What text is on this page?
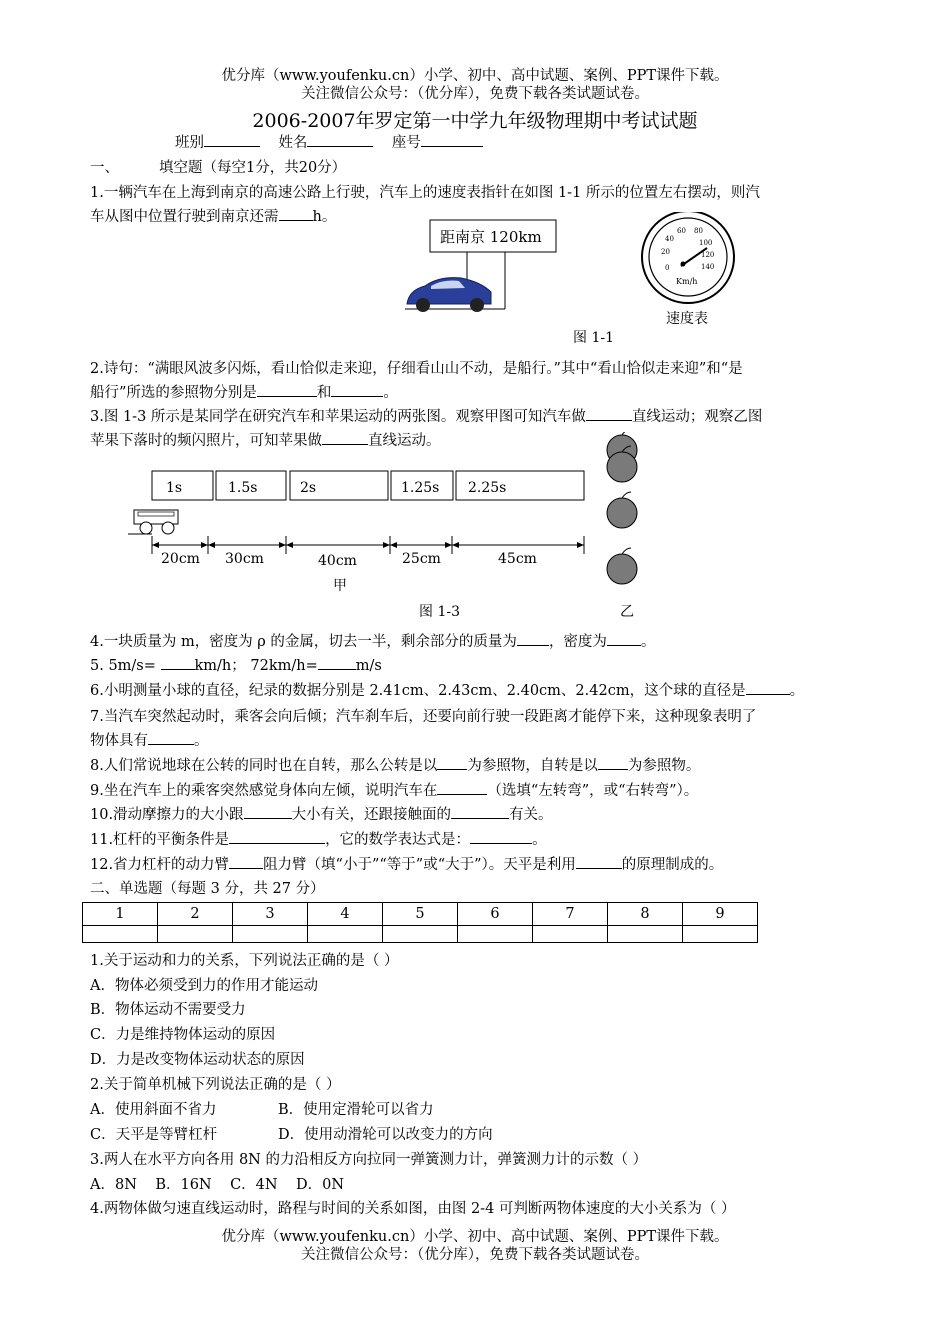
优分库（www.youfenku.cn）小学、初中、高中试题、案例、PPT课件下载。
关注微信公众号：（优分库），免费下载各类试题试卷。
2006-2007年罗定第一中学九年级物理期中考试试题
班别	姓名	座号
一、	填空题（每空1分，共20分）
1.一辆汽车在上海到南京的高速公路上行驶，汽车上的速度表指针在如图 1-1 所示的位置左右摆动，则汽
车从图中位置行驶到南京还需 h。
距南京 120km
0
20
40
60 80
100
120
140
Km/h
速度表
图 1-1
2.诗句：“满眼风波多闪烁，看山恰似走来迎，仔细看山山不动，是船行。”其中“看山恰似走来迎”和“是
船行”所选的参照物分别是	和	。
3.图 1-3 所示是某同学在研究汽车和苹果运动的两张图。观察甲图可知汽车做	直线运动；观察乙图
苹果下落时的频闪照片，可知苹果做	直线运动。
1s	1.5s	2s	1.25s 2.25s
20cm 30cm	40cm	25cm	45cm
甲
图 1-3	乙
4.一块质量为 m，密度为 ρ 的金属，切去一半，剩余部分的质量为 ，密度为 。
5. 5m/s= km/h； 72km/h=	m/s
6.小明测量小球的直径，纪录的数据分别是 2.41cm、2.43cm、2.40cm、2.42cm，这个球的直径是	。
7.当汽车突然起动时，乘客会向后倾；汽车刹车后，还要向前行驶一段距离才能停下来，这种现象表明了
物体具有	。
8.人们常说地球在公转的同时也在自转，那么公转是以 为参照物，自转是以 为参照物。
9.坐在汽车上的乘客突然感觉身体向左倾，说明汽车在	（选填“左转弯”，或“右转弯”）。
10.滑动摩擦力的大小跟	大小有关，还跟接触面的	有关。
11.杠杆的平衡条件是	，它的数学表达式是：	。
12.省力杠杆的动力臂 阻力臂（填“小于”“等于”或“大于”）。天平是利用	的原理制成的。
二、单选题（每题 3 分，共 27 分）
1	2	3	4	5	6	7	8	9

1.关于运动和力的关系，下列说法正确的是（ ）
A．物体必须受到力的作用才能运动
B．物体运动不需要受力
C．力是维持物体运动的原因
D．力是改变物体运动状态的原因
2.关于简单机械下列说法正确的是（ ）
A．使用斜面不省力	B．使用定滑轮可以省力
C．天平是等臂杠杆	D．使用动滑轮可以改变力的方向
3.两人在水平方向各用 8N 的力沿相反方向拉同一弹簧测力计，弹簧测力计的示数（ ）
A．8N B．16N C．4N D．0N
4.两物体做匀速直线运动时，路程与时间的关系如图，由图 2-4 可判断两物体速度的大小关系为（ ）
优分库（www.youfenku.cn）小学、初中、高中试题、案例、PPT课件下载。
关注微信公众号：（优分库），免费下载各类试题试卷。
